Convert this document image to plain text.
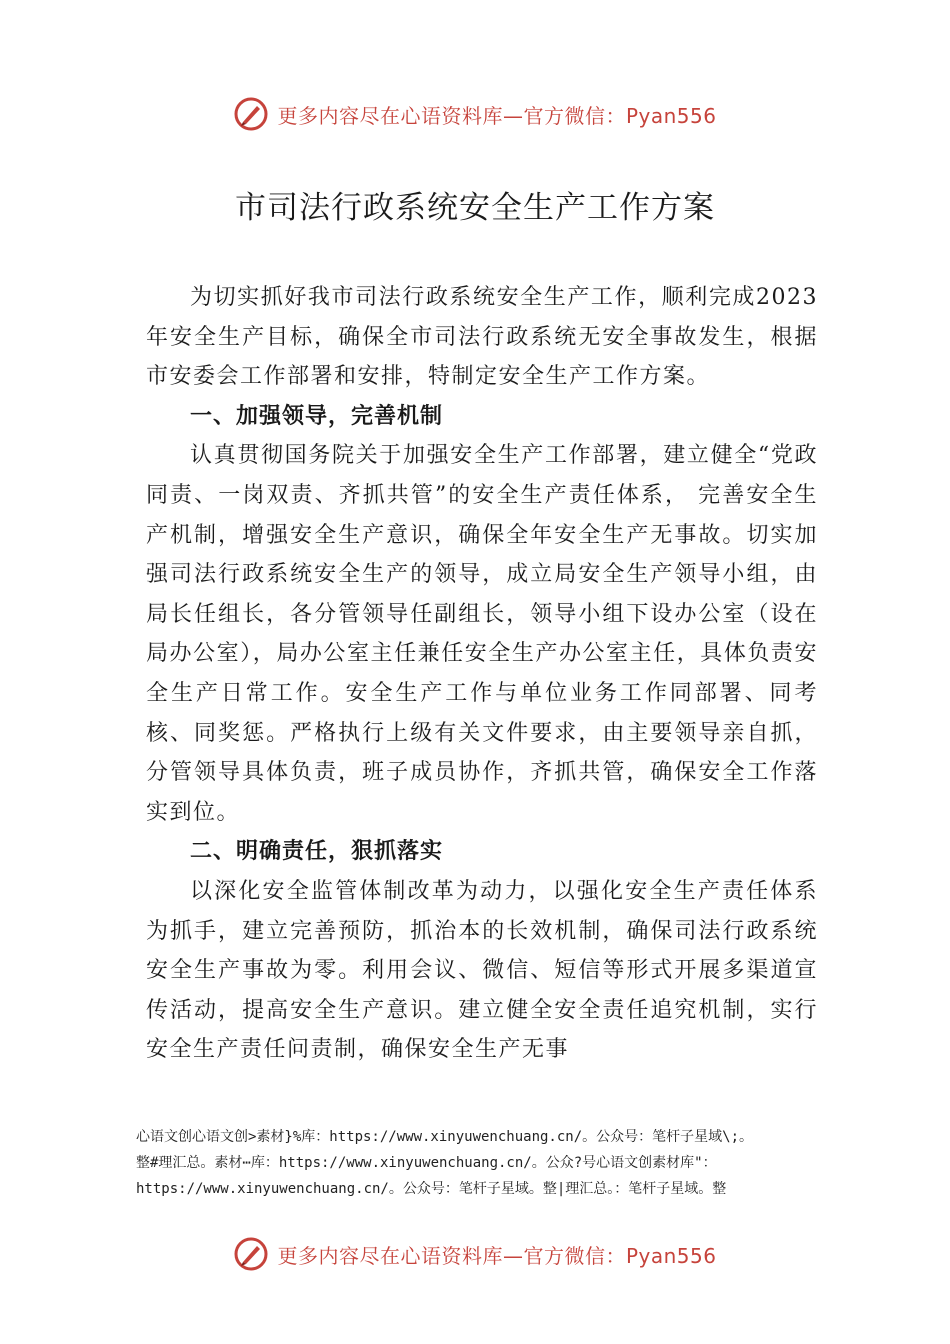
更多内容尽在心语资料库—官方微信：Pyan556
市司法行政系统安全生产工作方案

为切实抓好我市司法行政系统安全生产工作，顺利完成2023年安全生产目标，确保全市司法行政系统无安全事故发生，根据市安委会工作部署和安排，特制定安全生产工作方案。

一、加强领导，完善机制

认真贯彻国务院关于加强安全生产工作部署，建立健全“党政同责、一岗双责、齐抓共管”的安全生产责任体系， 完善安全生产机制，增强安全生产意识，确保全年安全生产无事故。切实加强司法行政系统安全生产的领导，成立局安全生产领导小组，由局长任组长，各分管领导任副组长，领导小组下设办公室（设在局办公室），局办公室主任兼任安全生产办公室主任，具体负责安全生产日常工作。安全生产工作与单位业务工作同部署、同考核、同奖惩。严格执行上级有关文件要求，由主要领导亲自抓，分管领导具体负责，班子成员协作，齐抓共管，确保安全工作落实到位。

二、明确责任，狠抓落实

以深化安全监管体制改革为动力，以强化安全生产责任体系为抓手，建立完善预防，抓治本的长效机制，确保司法行政系统安全生产事故为零。利用会议、微信、短信等形式开展多渠道宣传活动，提高安全生产意识。建立健全安全责任追究机制，实行安全生产责任问责制，确保安全生产无事

心语文创心语文创>素材}%库：https://www.xinyuwenchuang.cn/。公众号：笔杆子星域\;。
整#理汇总。素材⋯库：https://www.xinyuwenchuang.cn/。公众?号心语文创素材库"：
https://www.xinyuwenchuang.cn/。公众号：笔杆子星域。整|理汇总。：笔杆子星域。整
更多内容尽在心语资料库—官方微信：Pyan556
